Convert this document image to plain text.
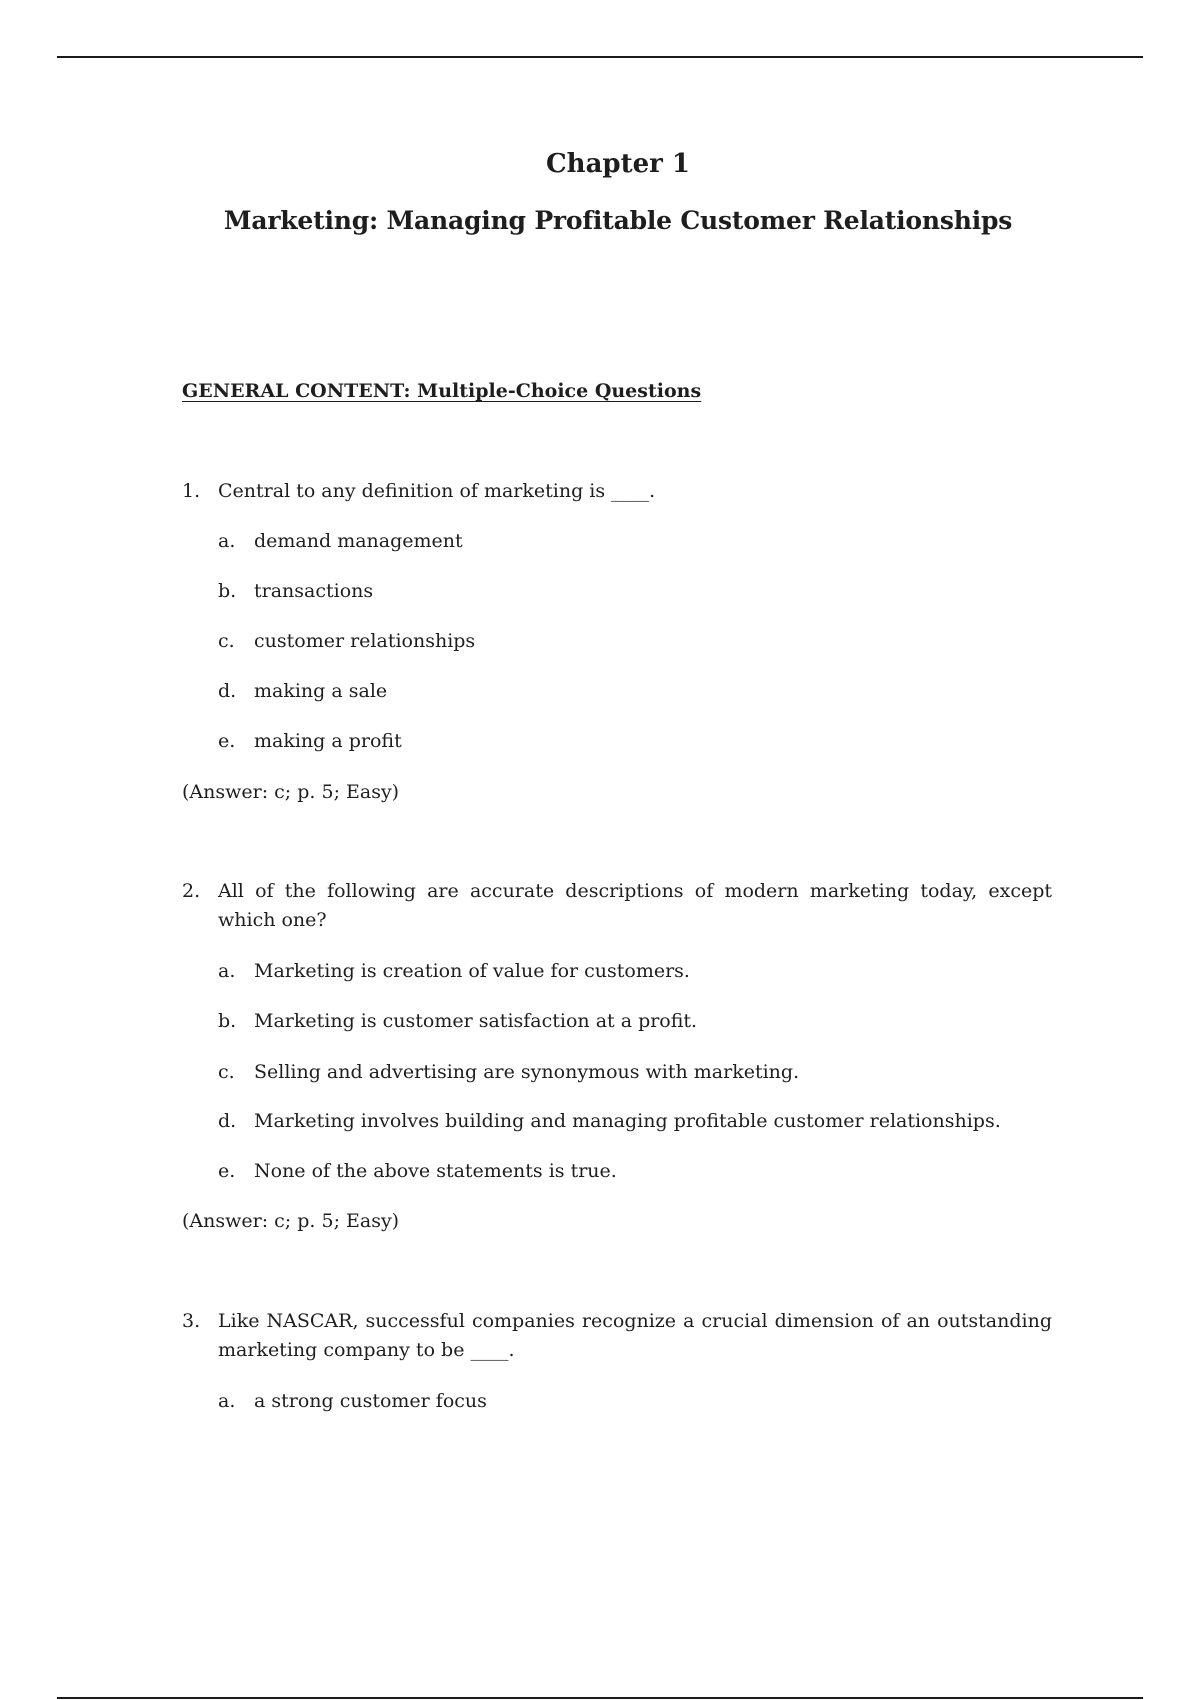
Chapter 1
Marketing: Managing Profitable Customer Relationships
GENERAL CONTENT: Multiple-Choice Questions
1. Central to any definition of marketing is ____.
a. demand management
b. transactions
c. customer relationships
d. making a sale
e. making a profit
(Answer: c; p. 5; Easy)
2. All of the following are accurate descriptions of modern marketing today, except which one?
a. Marketing is creation of value for customers.
b. Marketing is customer satisfaction at a profit.
c. Selling and advertising are synonymous with marketing.
d. Marketing involves building and managing profitable customer relationships.
e. None of the above statements is true.
(Answer: c; p. 5; Easy)
3. Like NASCAR, successful companies recognize a crucial dimension of an outstanding marketing company to be ____.
a. a strong customer focus
